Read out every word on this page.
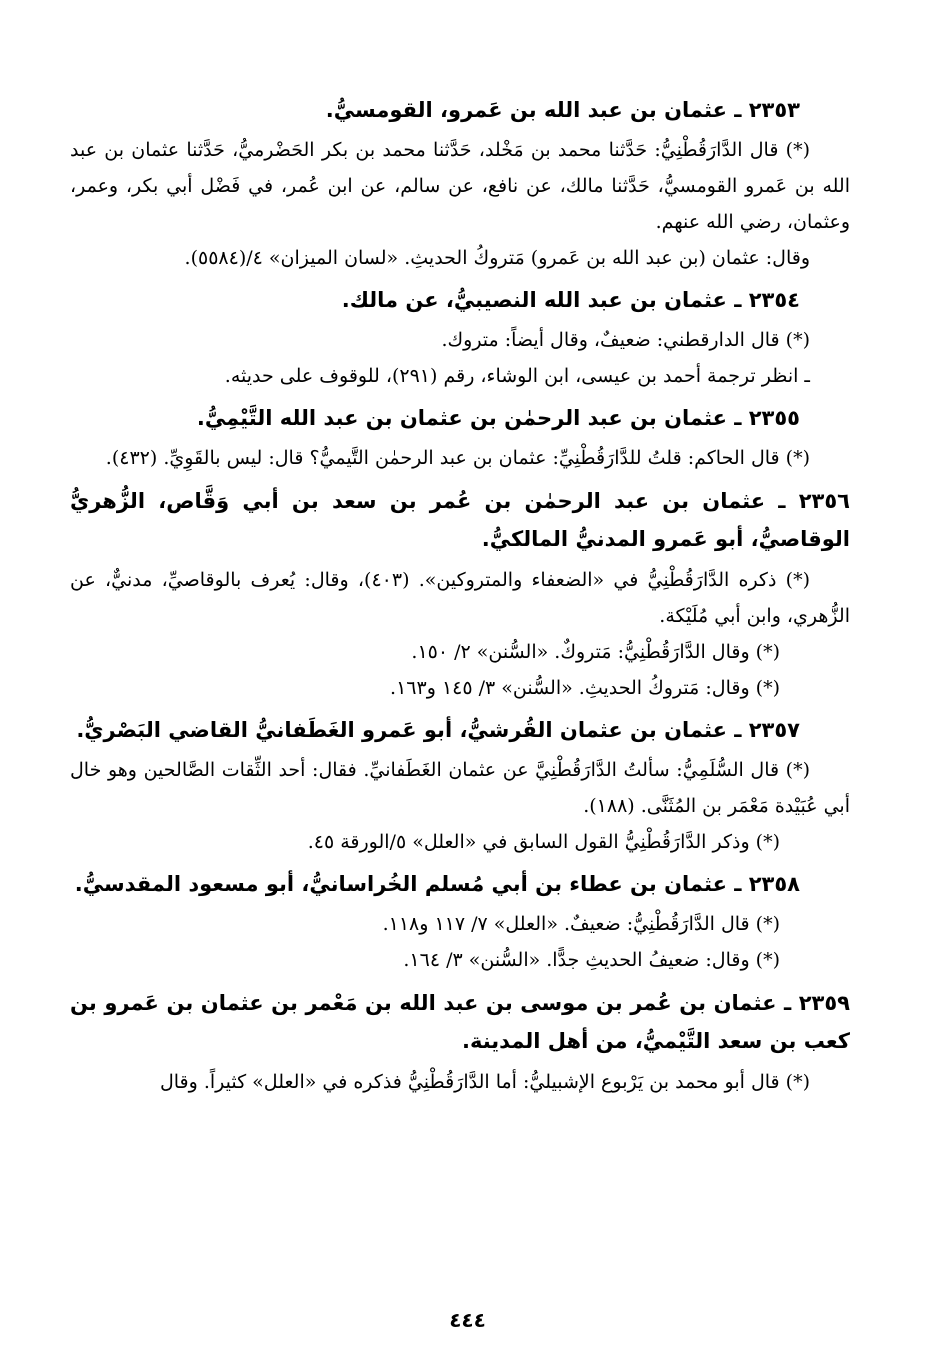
٢٣٥٣ ـ عثمان بن عبد الله بن عَمرو، القومسيُّ.

(*) قال الدَّارَقُطْنِيُّ: حَدَّثنا محمد بن مَخْلد، حَدَّثنا محمد بن بكر الحَضْرميُّ، حَدَّثنا عثمان بن عبد الله بن عَمرو القومسيُّ، حَدَّثنا مالك، عن نافع، عن سالم، عن ابن عُمر، في فَضْل أبي بكر، وعمر، وعثمان، رضي الله عنهم.

وقال: عثمان (بن عبد الله بن عَمرو) مَتروكُ الحديثِ. «لسان الميزان» ٤/(٥٥٨٤).

٢٣٥٤ ـ عثمان بن عبد الله النصيبيُّ، عن مالك.

(*) قال الدارقطني: ضعيفٌ، وقال أيضاً: متروك.

ـ انظر ترجمة أحمد بن عيسى، ابن الوشاء، رقم (٢٩١)، للوقوف على حديثه.

٢٣٥٥ ـ عثمان بن عبد الرحمٰن بن عثمان بن عبد الله التَّيْمِيُّ.

(*) قال الحاكم: قلتُ للدَّارَقُطْنِيِّ: عثمان بن عبد الرحمٰن التَّيميُّ؟ قال: ليس بالقَوِيِّ. (٤٣٢).

٢٣٥٦ ـ عثمان بن عبد الرحمٰن بن عُمر بن سعد بن أبي وَقَّاص، الزُّهريُّ الوقاصيُّ، أبو عَمرو المدنيُّ المالكيُّ.

(*) ذكره الدَّارَقُطْنِيُّ في «الضعفاء والمتروكين». (٤٠٣)، وقال: يُعرف بالوقاصيِّ، مدنيٌّ، عن الزُّهري، وابن أبي مُلَيْكة.

(*) وقال الدَّارَقُطْنِيُّ: مَتروكٌ. «السُّنن» ٢/ ١٥٠.

(*) وقال: مَتروكُ الحديثِ. «السُّنن» ٣/ ١٤٥ و١٦٣.

٢٣٥٧ ـ عثمان بن عثمان القُرشيُّ، أبو عَمرو الغَطَفانيُّ القاضي البَصْريُّ.

(*) قال السُّلَمِيُّ: سألتُ الدَّارَقُطْنِيَّ عن عثمان الغَطَفانيِّ. فقال: أحد الثِّقات الصَّالحين وهو خال أبي عُبَيْدة مَعْمَر بن المُثَنَّى. (١٨٨).

(*) وذكر الدَّارَقُطْنِيُّ القول السابق في «العلل» ٥/الورقة ٤٥.

٢٣٥٨ ـ عثمان بن عطاء بن أبي مُسلم الخُراسانيُّ، أبو مسعود المقدسيُّ.

(*) قال الدَّارَقُطْنِيُّ: ضعيفٌ. «العلل» ٧/ ١١٧ و١١٨.

(*) وقال: ضعيفُ الحديثِ جدًّا. «السُّنن» ٣/ ١٦٤.

٢٣٥٩ ـ عثمان بن عُمر بن موسى بن عبد الله بن مَعْمر بن عثمان بن عَمرو بن كعب بن سعد التَّيْميُّ، من أهل المدينة.

(*) قال أبو محمد بن يَرْبوع الإشبيليُّ: أما الدَّارَقُطْنِيُّ فذكره في «العلل» كثيراً. وقال

٤٤٤
